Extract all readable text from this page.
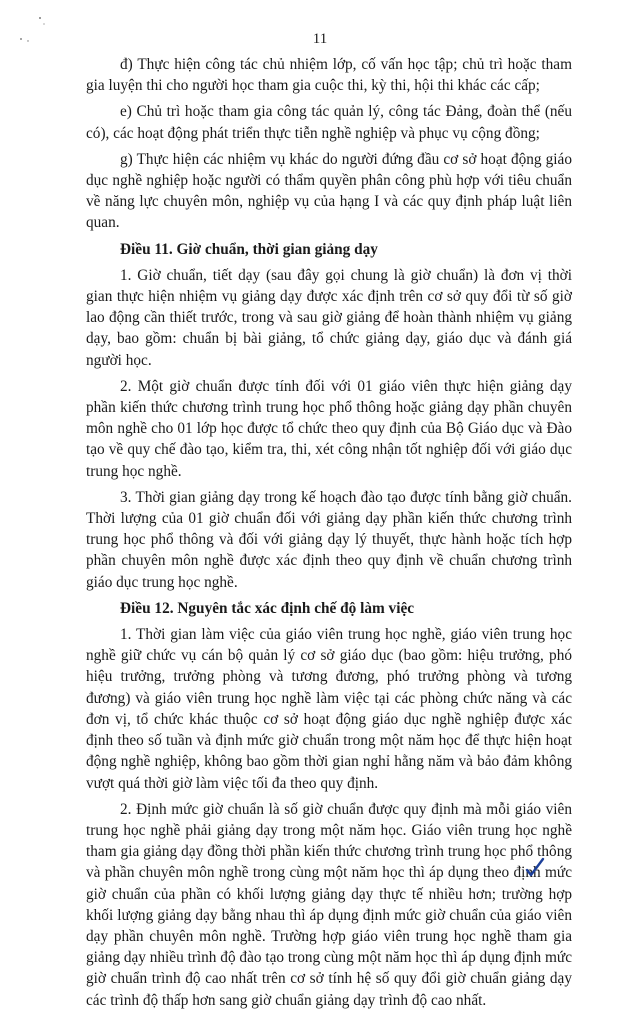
11

đ) Thực hiện công tác chủ nhiệm lớp, cố vấn học tập; chủ trì hoặc tham gia luyện thi cho người học tham gia cuộc thi, kỳ thi, hội thi khác các cấp;

e) Chủ trì hoặc tham gia công tác quản lý, công tác Đảng, đoàn thể (nếu có), các hoạt động phát triển thực tiễn nghề nghiệp và phục vụ cộng đồng;

g) Thực hiện các nhiệm vụ khác do người đứng đầu cơ sở hoạt động giáo dục nghề nghiệp hoặc người có thẩm quyền phân công phù hợp với tiêu chuẩn về năng lực chuyên môn, nghiệp vụ của hạng I và các quy định pháp luật liên quan.

Điều 11. Giờ chuẩn, thời gian giảng dạy

1. Giờ chuẩn, tiết dạy (sau đây gọi chung là giờ chuẩn) là đơn vị thời gian thực hiện nhiệm vụ giảng dạy được xác định trên cơ sở quy đổi từ số giờ lao động cần thiết trước, trong và sau giờ giảng để hoàn thành nhiệm vụ giảng dạy, bao gồm: chuẩn bị bài giảng, tổ chức giảng dạy, giáo dục và đánh giá người học.

2. Một giờ chuẩn được tính đối với 01 giáo viên thực hiện giảng dạy phần kiến thức chương trình trung học phổ thông hoặc giảng dạy phần chuyên môn nghề cho 01 lớp học được tổ chức theo quy định của Bộ Giáo dục và Đào tạo về quy chế đào tạo, kiểm tra, thi, xét công nhận tốt nghiệp đối với giáo dục trung học nghề.

3. Thời gian giảng dạy trong kế hoạch đào tạo được tính bằng giờ chuẩn. Thời lượng của 01 giờ chuẩn đối với giảng dạy phần kiến thức chương trình trung học phổ thông và đối với giảng dạy lý thuyết, thực hành hoặc tích hợp phần chuyên môn nghề được xác định theo quy định về chuẩn chương trình giáo dục trung học nghề.

Điều 12. Nguyên tắc xác định chế độ làm việc

1. Thời gian làm việc của giáo viên trung học nghề, giáo viên trung học nghề giữ chức vụ cán bộ quản lý cơ sở giáo dục (bao gồm: hiệu trưởng, phó hiệu trưởng, trưởng phòng và tương đương, phó trưởng phòng và tương đương) và giáo viên trung học nghề làm việc tại các phòng chức năng và các đơn vị, tổ chức khác thuộc cơ sở hoạt động giáo dục nghề nghiệp được xác định theo số tuần và định mức giờ chuẩn trong một năm học để thực hiện hoạt động nghề nghiệp, không bao gồm thời gian nghỉ hằng năm và bảo đảm không vượt quá thời giờ làm việc tối đa theo quy định.

2. Định mức giờ chuẩn là số giờ chuẩn được quy định mà mỗi giáo viên trung học nghề phải giảng dạy trong một năm học. Giáo viên trung học nghề tham gia giảng dạy đồng thời phần kiến thức chương trình trung học phổ thông và phần chuyên môn nghề trong cùng một năm học thì áp dụng theo định mức giờ chuẩn của phần có khối lượng giảng dạy thực tế nhiều hơn; trường hợp khối lượng giảng dạy bằng nhau thì áp dụng định mức giờ chuẩn của giáo viên dạy phần chuyên môn nghề. Trường hợp giáo viên trung học nghề tham gia giảng dạy nhiều trình độ đào tạo trong cùng một năm học thì áp dụng định mức giờ chuẩn trình độ cao nhất trên cơ sở tính hệ số quy đổi giờ chuẩn giảng dạy các trình độ thấp hơn sang giờ chuẩn giảng dạy trình độ cao nhất.
